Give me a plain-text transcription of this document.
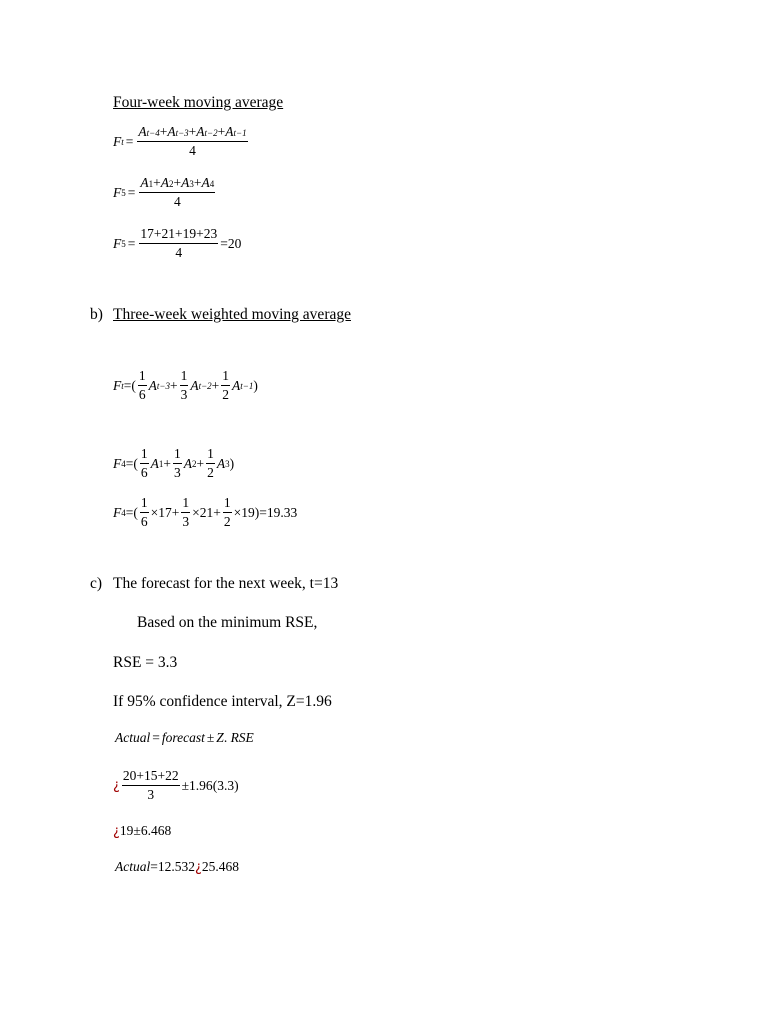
Four-week moving average
F $t = \frac{\text{A t−4 + A t−3 + A t−2 + A t−1}}{4}$
F $5 = \frac{A 1 + A 2 + A 3 + A 4}{4}$
F $5 = \frac{17+21+19+23}{4} =20$
b) Three-week weighted moving average
F t =( $\frac{1}{6}$ A $t-3 + \frac{1}{3}$ A $t-2 + \frac{1}{2}$ A t−1 )
F 4 =( $\frac{1}{6}$ A $1 + \frac{1}{3}$ A $2 + \frac{1}{2}$ A 3 )
F 4 =( $\frac{1}{6} \times 17+ \frac{1}{3} \times 21+ \frac{1}{2} \times 19$ ) =19.33
c) The forecast for the next week, t=13
Based on the minimum RSE,
RSE = 3.3
If 95% confidence interval, Z=1.96
Actual = forecast ± Z . RSE
¿ $\frac{20+15+22}{3} \pm 1.96$ ( 3.3 )
¿ 19±6.468
Actual =12.532 ¿ 25.468
